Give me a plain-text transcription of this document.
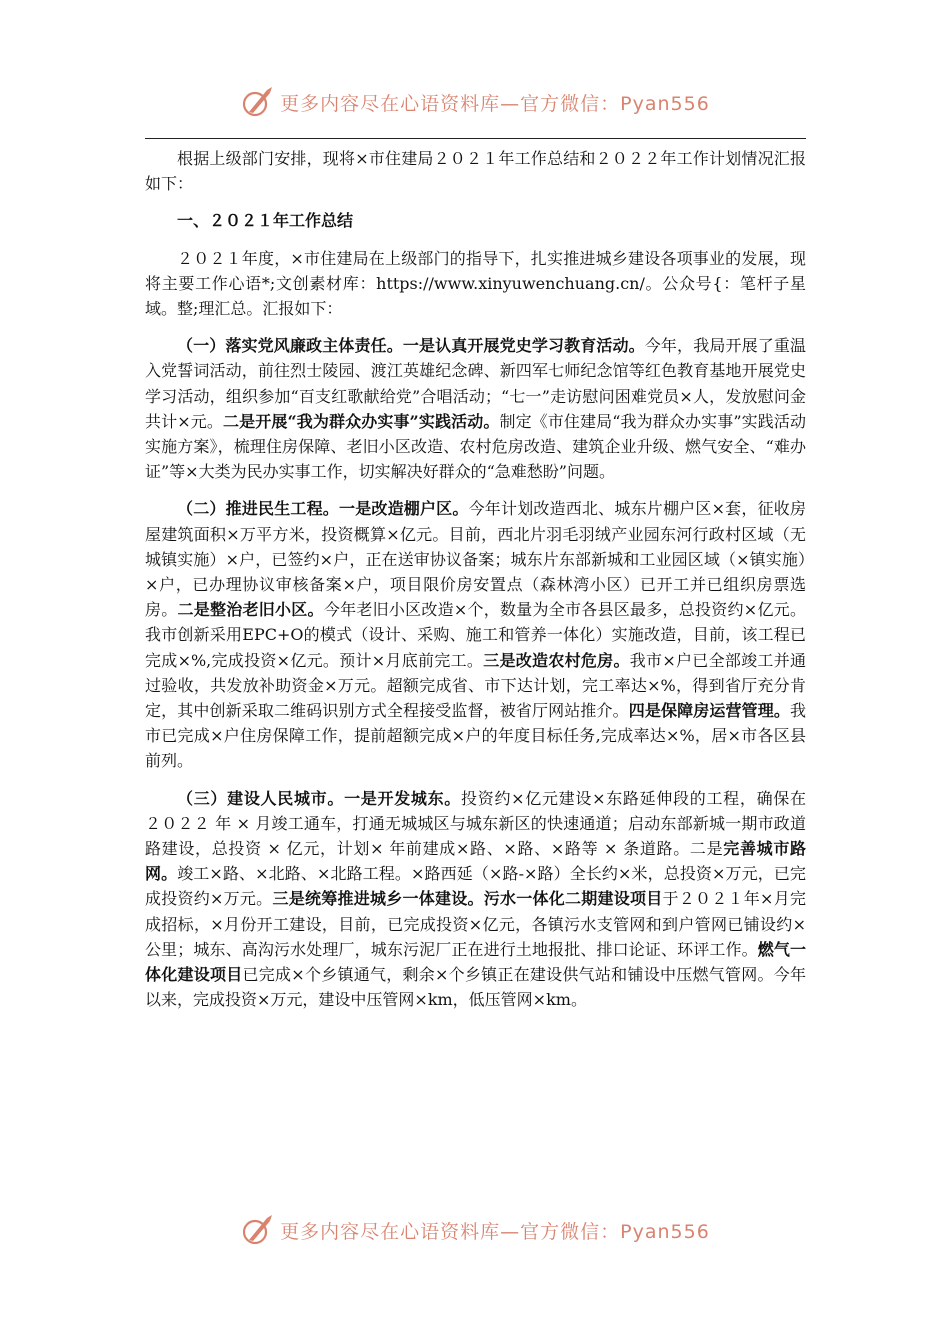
更多内容尽在心语资料库—官方微信：Pyan556

根据上级部门安排，现将×市住建局２０２１年工作总结和２０２２年工作计划情况汇报如下：

一、２０２１年工作总结

２０２１年度，×市住建局在上级部门的指导下，扎实推进城乡建设各项事业的发展，现将主要工作心语*;文创素材库：https://www.xinyuwenchuang.cn/。公众号{：笔杆子星域。整;理汇总。汇报如下：

（一）落实党风廉政主体责任。一是认真开展党史学习教育活动。今年，我局开展了重温入党誓词活动，前往烈士陵园、渡江英雄纪念碑、新四军七师纪念馆等红色教育基地开展党史学习活动，组织参加“百支红歌献给党”合唱活动；“七一”走访慰问困难党员×人，发放慰问金共计×元。二是开展“我为群众办实事”实践活动。制定《市住建局“我为群众办实事”实践活动实施方案》，梳理住房保障、老旧小区改造、农村危房改造、建筑企业升级、燃气安全、“难办证”等×大类为民办实事工作，切实解决好群众的“急难愁盼”问题。

（二）推进民生工程。一是改造棚户区。今年计划改造西北、城东片棚户区×套，征收房屋建筑面积×万平方米，投资概算×亿元。目前，西北片羽毛羽绒产业园东河行政村区域（无城镇实施）×户，已签约×户，正在送审协议备案；城东片东部新城和工业园区域（×镇实施）×户，已办理协议审核备案×户，项目限价房安置点（森林湾小区）已开工并已组织房票选房。二是整治老旧小区。今年老旧小区改造×个，数量为全市各县区最多，总投资约×亿元。我市创新采用EPC+O的模式（设计、采购、施工和管养一体化）实施改造，目前，该工程已完成×%,完成投资×亿元。预计×月底前完工。三是改造农村危房。我市×户已全部竣工并通过验收，共发放补助资金×万元。超额完成省、市下达计划，完工率达×%，得到省厅充分肯定，其中创新采取二维码识别方式全程接受监督，被省厅网站推介。四是保障房运营管理。我市已完成×户住房保障工作，提前超额完成×户的年度目标任务,完成率达×%，居×市各区县前列。

（三）建设人民城市。一是开发城东。投资约×亿元建设×东路延伸段的工程，确保在　２０２２ 年 × 月竣工通车，打通无城城区与城东新区的快速通道；启动东部新城一期市政道路建设，总投资 × 亿元，计划× 年前建成×路、×路、×路等 × 条道路。二是完善城市路网。竣工×路、×北路、×北路工程。×路西延（×路-×路）全长约×米，总投资×万元，已完成投资约×万元。三是统筹推进城乡一体建设。污水一体化二期建设项目于２０２１年×月完成招标，×月份开工建设，目前，已完成投资×亿元，各镇污水支管网和到户管网已铺设约×公里；城东、高沟污水处理厂，城东污泥厂正在进行土地报批、排口论证、环评工作。燃气一体化建设项目已完成×个乡镇通气，剩余×个乡镇正在建设供气站和铺设中压燃气管网。今年以来，完成投资×万元，建设中压管网×km，低压管网×km。

更多内容尽在心语资料库—官方微信：Pyan556
